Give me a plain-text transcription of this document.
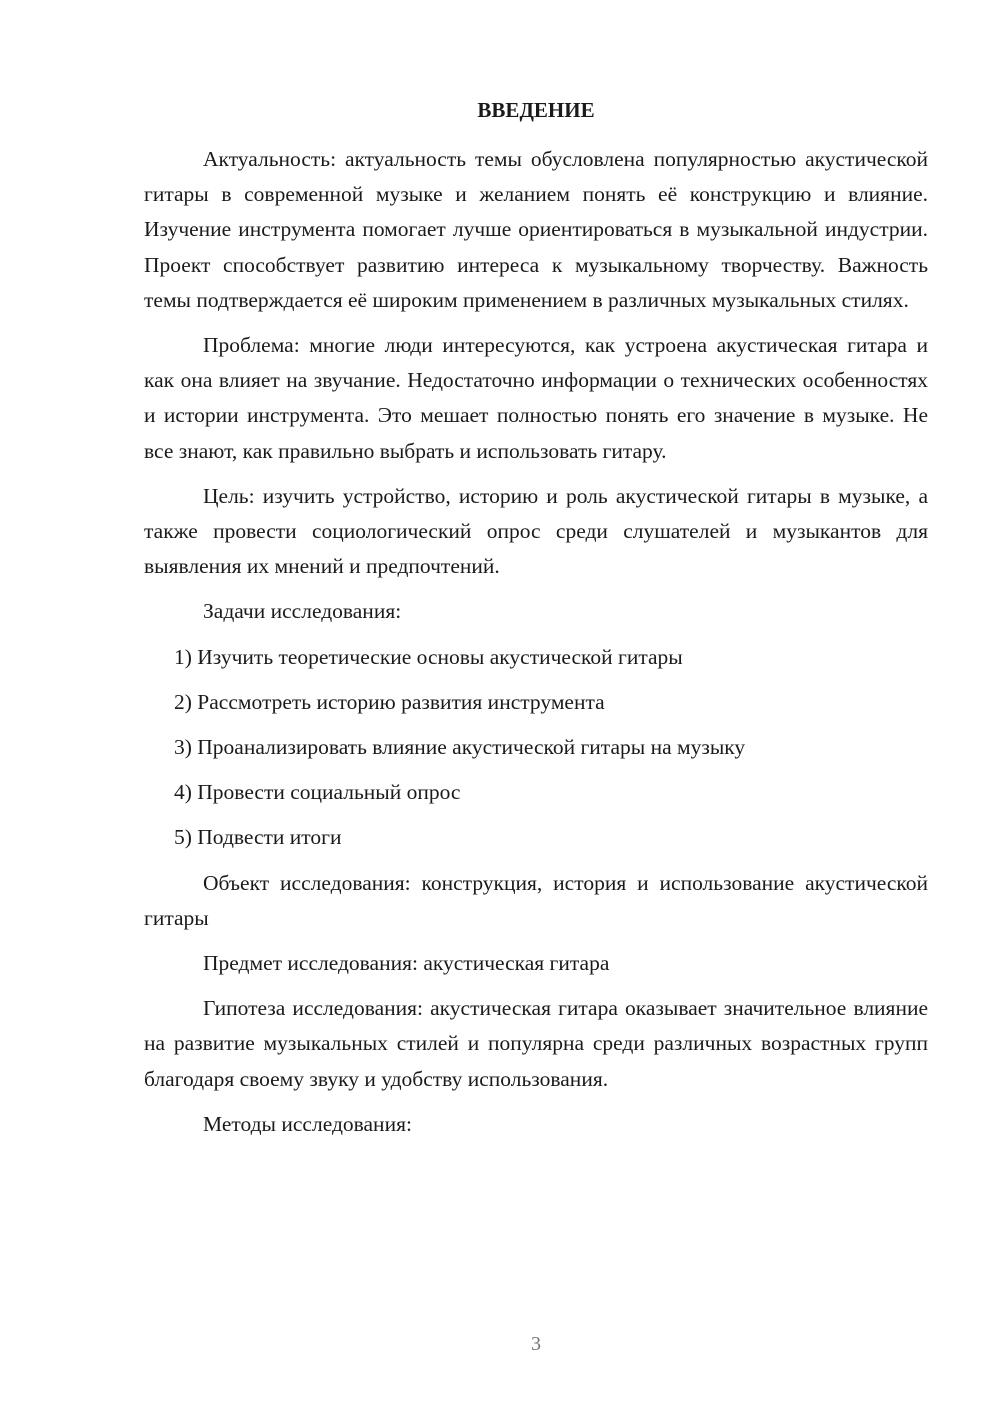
ВВЕДЕНИЕ

Актуальность: актуальность темы обусловлена популярностью акустической гитары в современной музыке и желанием понять её конструкцию и влияние. Изучение инструмента помогает лучше ориентироваться в музыкальной индустрии. Проект способствует развитию интереса к музыкальному творчеству. Важность темы подтверждается её широким применением в различных музыкальных стилях.

Проблема: многие люди интересуются, как устроена акустическая гитара и как она влияет на звучание. Недостаточно информации о технических особенностях и истории инструмента. Это мешает полностью понять его значение в музыке. Не все знают, как правильно выбрать и использовать гитару.

Цель: изучить устройство, историю и роль акустической гитары в музыке, а также провести социологический опрос среди слушателей и музыкантов для выявления их мнений и предпочтений.

Задачи исследования:

1) Изучить теоретические основы акустической гитары
2) Рассмотреть историю развития инструмента
3) Проанализировать влияние акустической гитары на музыку
4) Провести социальный опрос
5) Подвести итоги

Объект исследования: конструкция, история и использование акустической гитары

Предмет исследования: акустическая гитара

Гипотеза исследования: акустическая гитара оказывает значительное влияние на развитие музыкальных стилей и популярна среди различных возрастных групп благодаря своему звуку и удобству использования.

Методы исследования:

3
